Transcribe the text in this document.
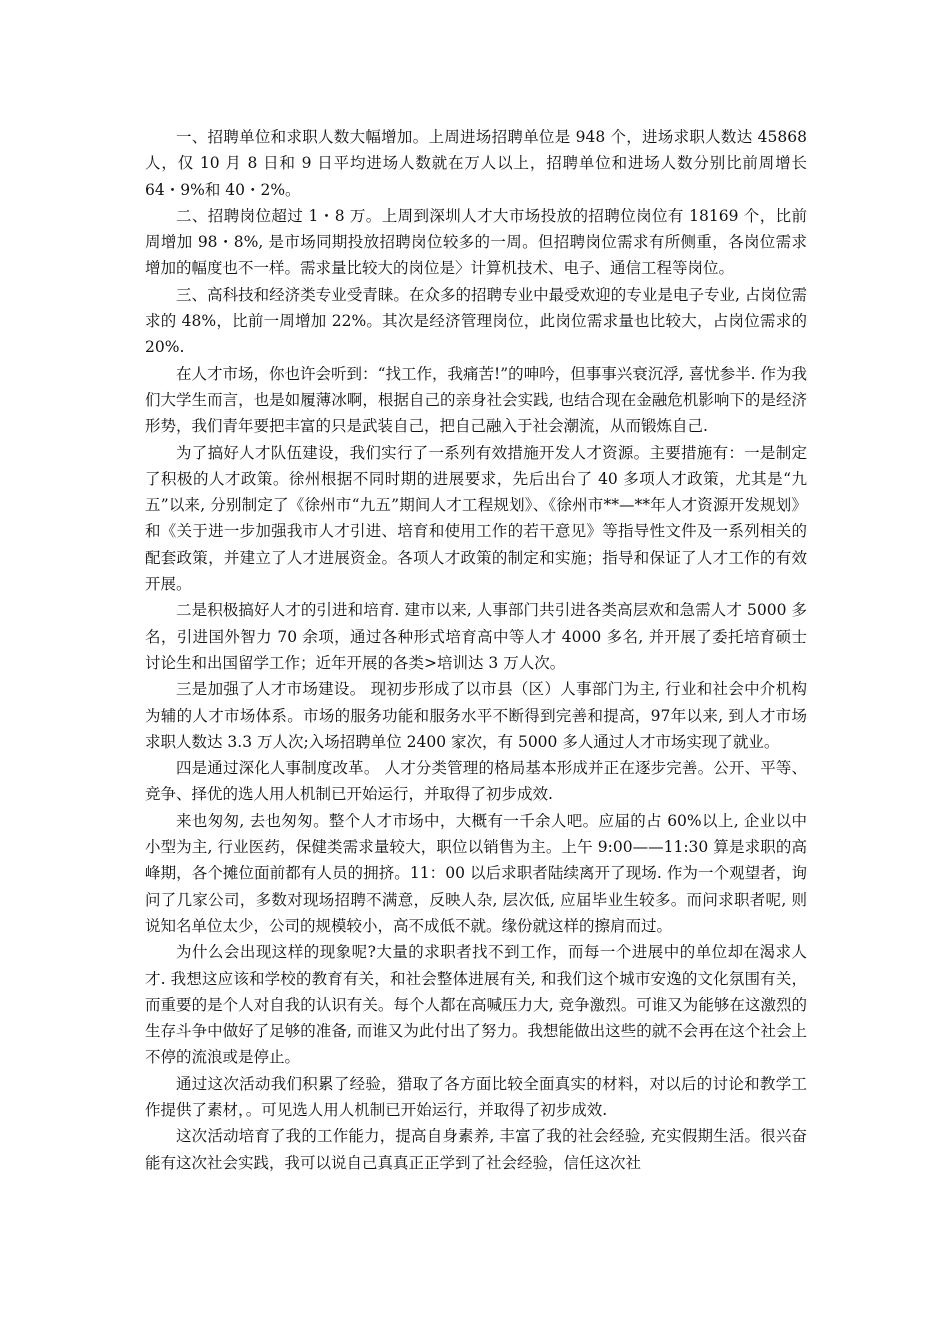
一、招聘单位和求职人数大幅增加。上周进场招聘单位是 948 个，进场求职人数达 45868 人，仅 10 月 8 日和 9 日平均进场人数就在万人以上，招聘单位和进场人数分别比前周增长 64・9%和 40・2%。

二、招聘岗位超过 1・8 万。上周到深圳人才大市场投放的招聘位岗位有 18169 个，比前周增加 98・8%, 是市场同期投放招聘岗位较多的一周。但招聘岗位需求有所侧重，各岗位需求增加的幅度也不一样。需求量比较大的岗位是〉计算机技术、电子、通信工程等岗位。

三、高科技和经济类专业受青睐。在众多的招聘专业中最受欢迎的专业是电子专业, 占岗位需求的 48%，比前一周增加 22%。其次是经济管理岗位，此岗位需求量也比较大，占岗位需求的 20%.

在人才市场，你也许会听到：“找工作，我痛苦!”的呻吟，但事事兴衰沉浮, 喜忧参半. 作为我们大学生而言，也是如履薄冰啊，根据自己的亲身社会实践, 也结合现在金融危机影响下的是经济形势，我们青年要把丰富的只是武装自己，把自己融入于社会潮流，从而锻炼自己.

为了搞好人才队伍建设，我们实行了一系列有效措施开发人才资源。主要措施有：一是制定了积极的人才政策。徐州根据不同时期的进展要求，先后出台了 40 多项人才政策，尤其是“九五”以来, 分别制定了《徐州市“九五”期间人才工程规划》、《徐州市**—**年人才资源开发规划》和《关于进一步加强我市人才引进、培育和使用工作的若干意见》等指导性文件及一系列相关的配套政策，并建立了人才进展资金。各项人才政策的制定和实施；指导和保证了人才工作的有效开展。

二是积极搞好人才的引进和培育. 建市以来, 人事部门共引进各类高层欢和急需人才 5000 多名，引进国外智力 70 余项，通过各种形式培育高中等人才 4000 多名, 并开展了委托培育硕士讨论生和出国留学工作；近年开展的各类>培训达 3 万人次。

三是加强了人才市场建设。 现初步形成了以市县（区）人事部门为主, 行业和社会中介机构为辅的人才市场体系。市场的服务功能和服务水平不断得到完善和提高，97年以来, 到人才市场求职人数达 3.3 万人次;入场招聘单位 2400 家次，有 5000 多人通过人才市场实现了就业。

四是通过深化人事制度改革。 人才分类管理的格局基本形成并正在逐步完善。公开、平等、竞争、择优的选人用人机制已开始运行，并取得了初步成效.

来也匆匆, 去也匆匆。整个人才市场中，大概有一千余人吧。应届的占 60%以上, 企业以中小型为主, 行业医药，保健类需求量较大，职位以销售为主。上午 9:00——11:30 算是求职的高峰期，各个摊位面前都有人员的拥挤。11：00 以后求职者陆续离开了现场. 作为一个观望者，询问了几家公司，多数对现场招聘不满意，反映人杂, 层次低, 应届毕业生较多。而问求职者呢, 则说知名单位太少，公司的规模较小，高不成低不就。缘份就这样的擦肩而过。

为什么会出现这样的现象呢?大量的求职者找不到工作，而每一个进展中的单位却在渴求人才. 我想这应该和学校的教育有关，和社会整体进展有关, 和我们这个城市安逸的文化氛围有关，而重要的是个人对自我的认识有关。每个人都在高喊压力大, 竞争激烈。可谁又为能够在这激烈的生存斗争中做好了足够的准备, 而谁又为此付出了努力。我想能做出这些的就不会再在这个社会上不停的流浪或是停止。

通过这次活动我们积累了经验，猎取了各方面比较全面真实的材料，对以后的讨论和教学工作提供了素材，。可见选人用人机制已开始运行，并取得了初步成效.

这次活动培育了我的工作能力，提高自身素养, 丰富了我的社会经验, 充实假期生活。很兴奋能有这次社会实践，我可以说自己真真正正学到了社会经验，信任这次社
